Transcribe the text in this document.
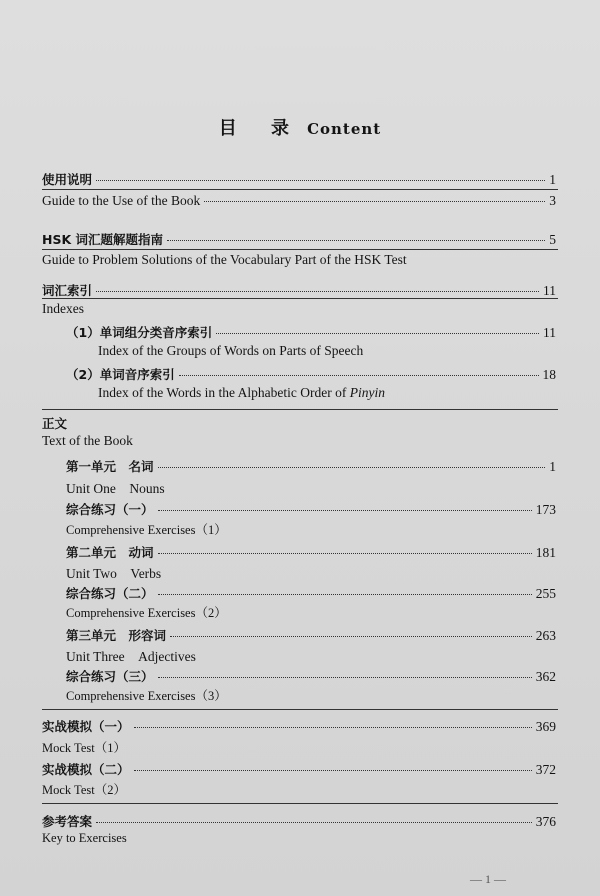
目 录 Content
使用说明	1
Guide to the Use of the Book	3
HSK 词汇题解题指南	5
Guide to Problem Solutions of the Vocabulary Part of the HSK Test
词汇索引	11
Indexes
（1）单词组分类音序索引	11
Index of the Groups of Words on Parts of Speech
（2）单词音序索引	18
Index of the Words in the Alphabetic Order of Pinyin
正文
Text of the Book
第一单元　名词	1
Unit One　Nouns
综合练习（一）	173
Comprehensive Exercises（1）
第二单元　动词	181
Unit Two　Verbs
综合练习（二）	255
Comprehensive Exercises（2）
第三单元　形容词	263
Unit Three　Adjectives
综合练习（三）	362
Comprehensive Exercises（3）
实战模拟（一）	369
Mock Test（1）
实战模拟（二）	372
Mock Test（2）
参考答案	376
Key to Exercises
— 1 —
